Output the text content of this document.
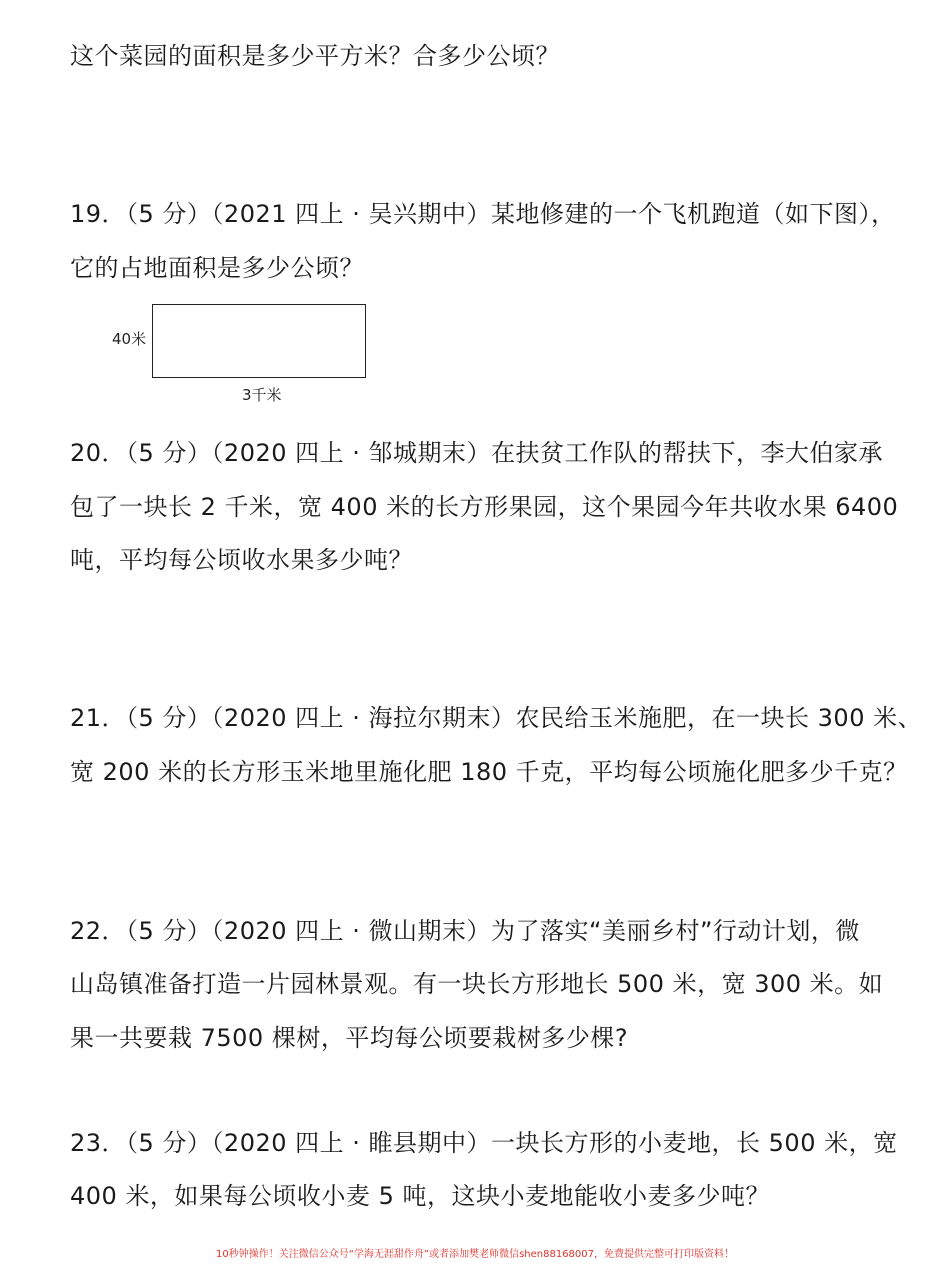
这个菜园的面积是多少平方米？合多少公顷？

19．（5 分）（2021 四上 · 吴兴期中）某地修建的一个飞机跑道（如下图），

它的占地面积是多少公顷？

40米
3千米

20．（5 分）（2020 四上 · 邹城期末）在扶贫工作队的帮扶下，李大伯家承

包了一块长 2 千米，宽 400 米的长方形果园，这个果园今年共收水果 6400

吨，平均每公顷收水果多少吨？

21．（5 分）（2020 四上 · 海拉尔期末）农民给玉米施肥，在一块长 300 米、

宽 200 米的长方形玉米地里施化肥 180 千克，平均每公顷施化肥多少千克？

22．（5 分）（2020 四上 · 微山期末）为了落实“美丽乡村”行动计划，微

山岛镇准备打造一片园林景观。有一块长方形地长 500 米，宽 300 米。如

果一共要栽 7500 棵树，平均每公顷要栽树多少棵?

23．（5 分）（2020 四上 · 睢县期中）一块长方形的小麦地，长 500 米，宽

400 米，如果每公顷收小麦 5 吨，这块小麦地能收小麦多少吨？

10秒钟操作！关注微信公众号“学海无涯甜作舟”或者添加樊老师微信shen88168007，免费提供完整可打印版资料！
